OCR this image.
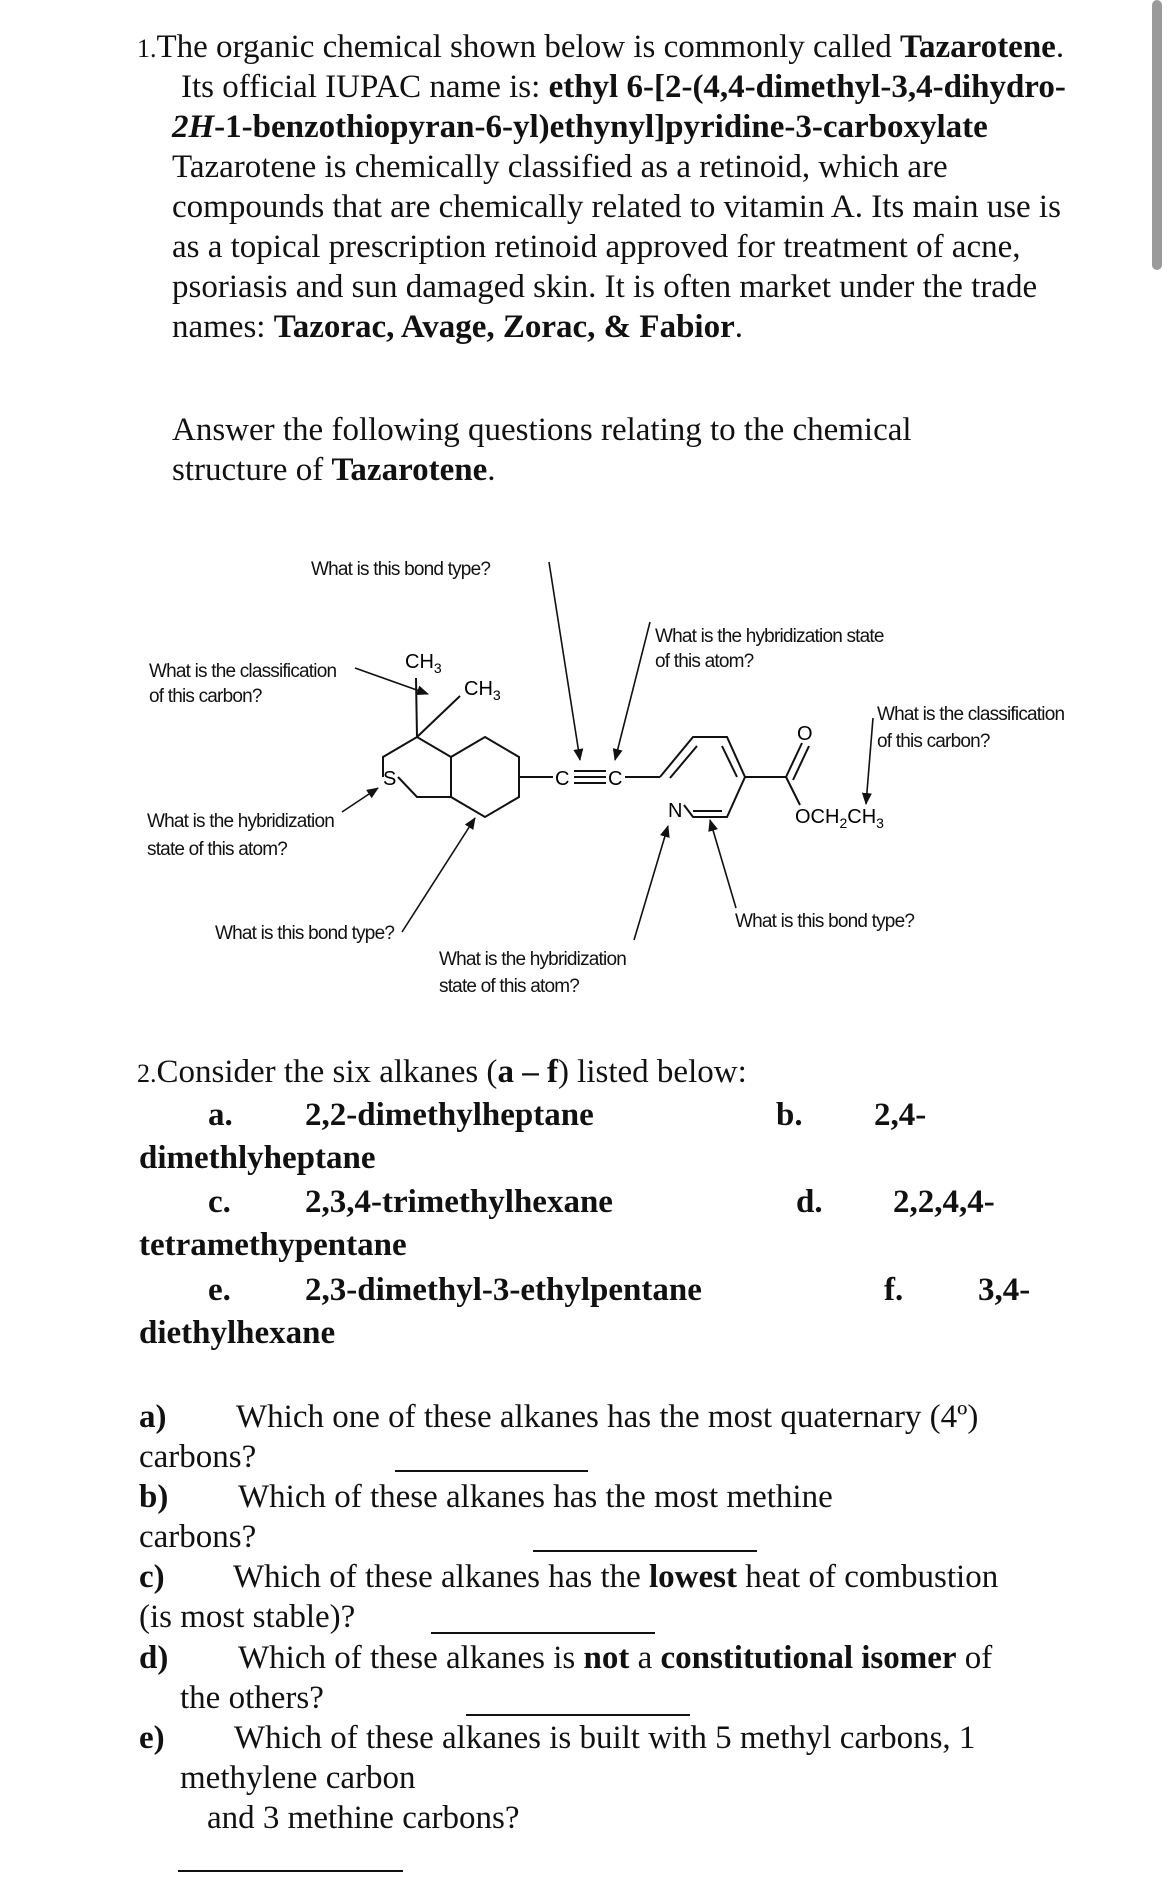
1.The organic chemical shown below is commonly called Tazarotene.
Its official IUPAC name is: ethyl 6-[2-(4,4-dimethyl-3,4-dihydro-
2H-1-benzothiopyran-6-yl)ethynyl]pyridine-3-carboxylate
Tazarotene is chemically classified as a retinoid, which are
compounds that are chemically related to vitamin A. Its main use is
as a topical prescription retinoid approved for treatment of acne,
psoriasis and sun damaged skin. It is often market under the trade
names: Tazorac, Avage, Zorac, & Fabior.
Answer the following questions relating to the chemical
structure of Tazarotene.
$CH_3$
$CH_3$
S	C C
N
O
$OCH_2CH_3$
What is this bond type?
What is the classification
of this carbon?
What is the hybridization state
of this atom?
What is the classification
of this carbon?
What is the hybridization
state of this atom?
What is this bond type?
What is the hybridization
state of this atom?
What is this bond type?
2.Consider the six alkanes (a – f) listed below:
a. 2,2-dimethylheptane	b. 2,4-
dimethlyheptane
c. 2,3,4-trimethylhexane	d. 2,2,4,4-
tetramethypentane
e. 2,3-dimethyl-3-ethylpentane	f. 3,4-
diethylhexane
a) Which one of these alkanes has the most quaternary (4º)
carbons?
b) Which of these alkanes has the most methine
carbons?
c) Which of these alkanes has the lowest heat of combustion
(is most stable)?
d) Which of these alkanes is not a constitutional isomer of
the others?
e) Which of these alkanes is built with 5 methyl carbons, 1
methylene carbon
and 3 methine carbons?
